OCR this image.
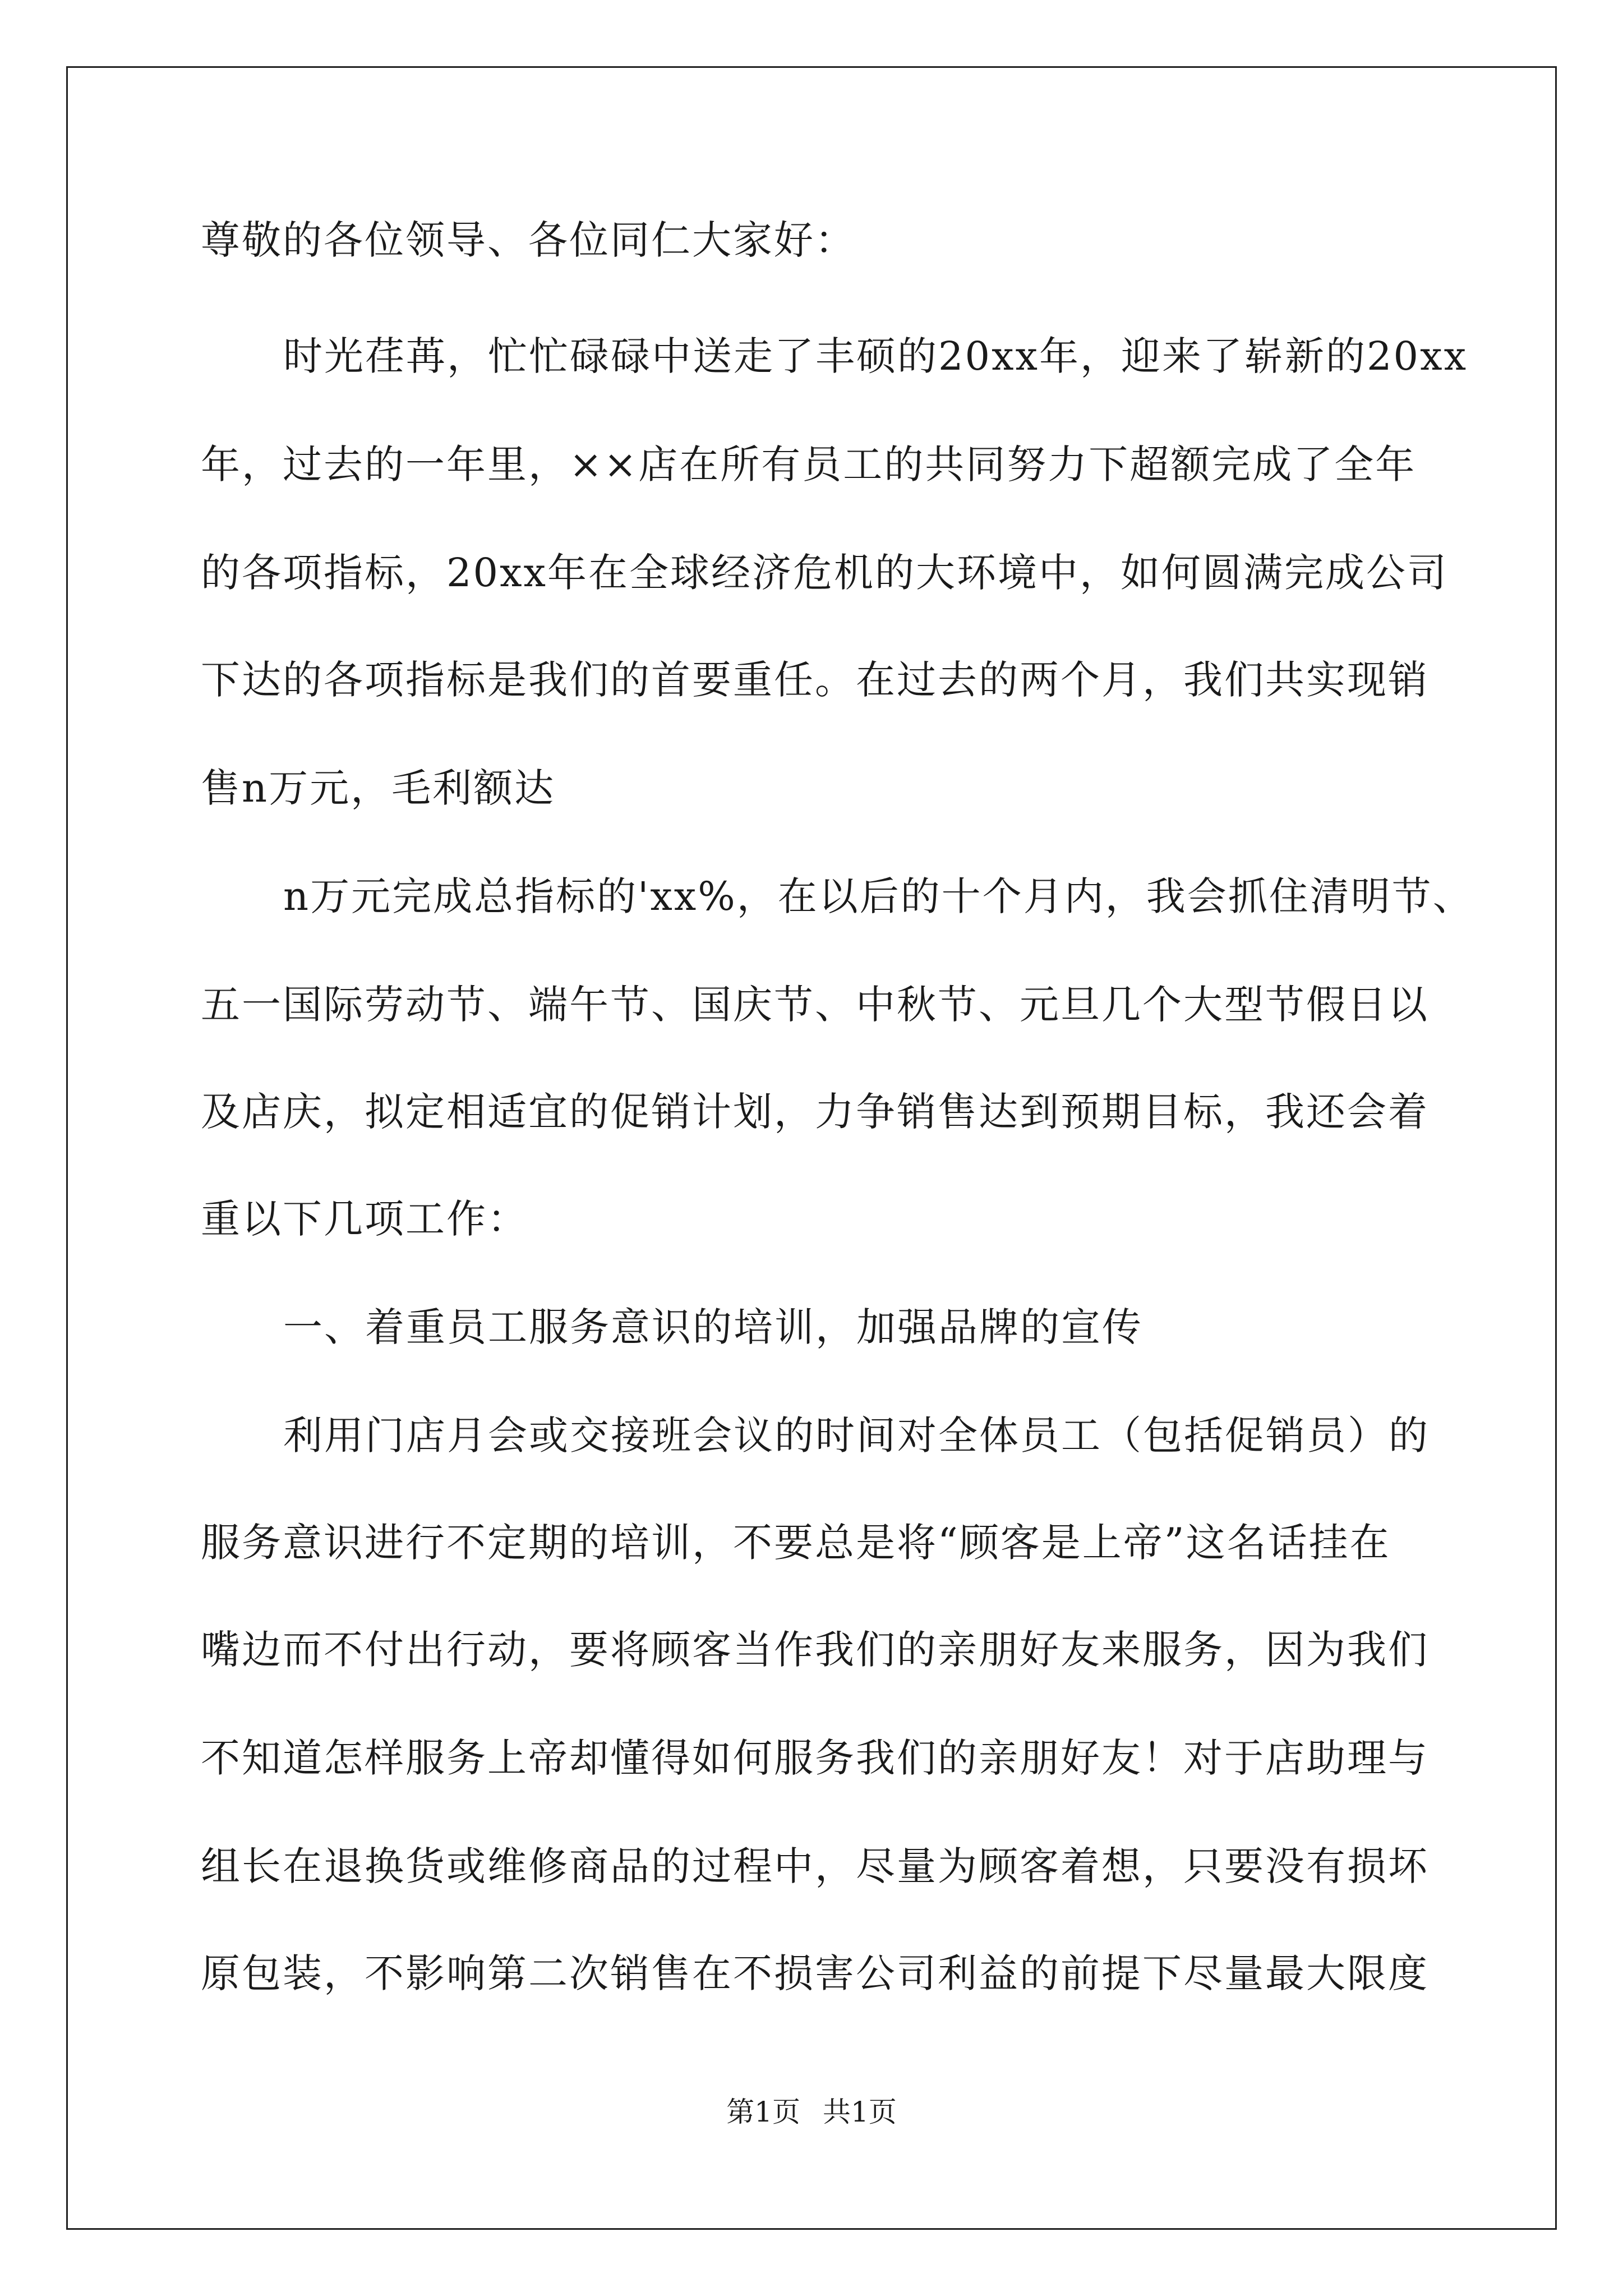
尊敬的各位领导、各位同仁大家好：
时光荏苒，忙忙碌碌中送走了丰硕的20xx年，迎来了崭新的20xx
年，过去的一年里，××店在所有员工的共同努力下超额完成了全年
的各项指标，20xx年在全球经济危机的大环境中，如何圆满完成公司
下达的各项指标是我们的首要重任。在过去的两个月，我们共实现销
售n万元，毛利额达
n万元完成总指标的'xx%，在以后的十个月内，我会抓住清明节、
五一国际劳动节、端午节、国庆节、中秋节、元旦几个大型节假日以
及店庆，拟定相适宜的促销计划，力争销售达到预期目标，我还会着
重以下几项工作：
一、着重员工服务意识的培训，加强品牌的宣传
利用门店月会或交接班会议的时间对全体员工（包括促销员）的
服务意识进行不定期的培训，不要总是将“顾客是上帝”这名话挂在
嘴边而不付出行动，要将顾客当作我们的亲朋好友来服务，因为我们
不知道怎样服务上帝却懂得如何服务我们的亲朋好友！对于店助理与
组长在退换货或维修商品的过程中，尽量为顾客着想，只要没有损坏
原包装，不影响第二次销售在不损害公司利益的前提下尽量最大限度
第1页 共1页
